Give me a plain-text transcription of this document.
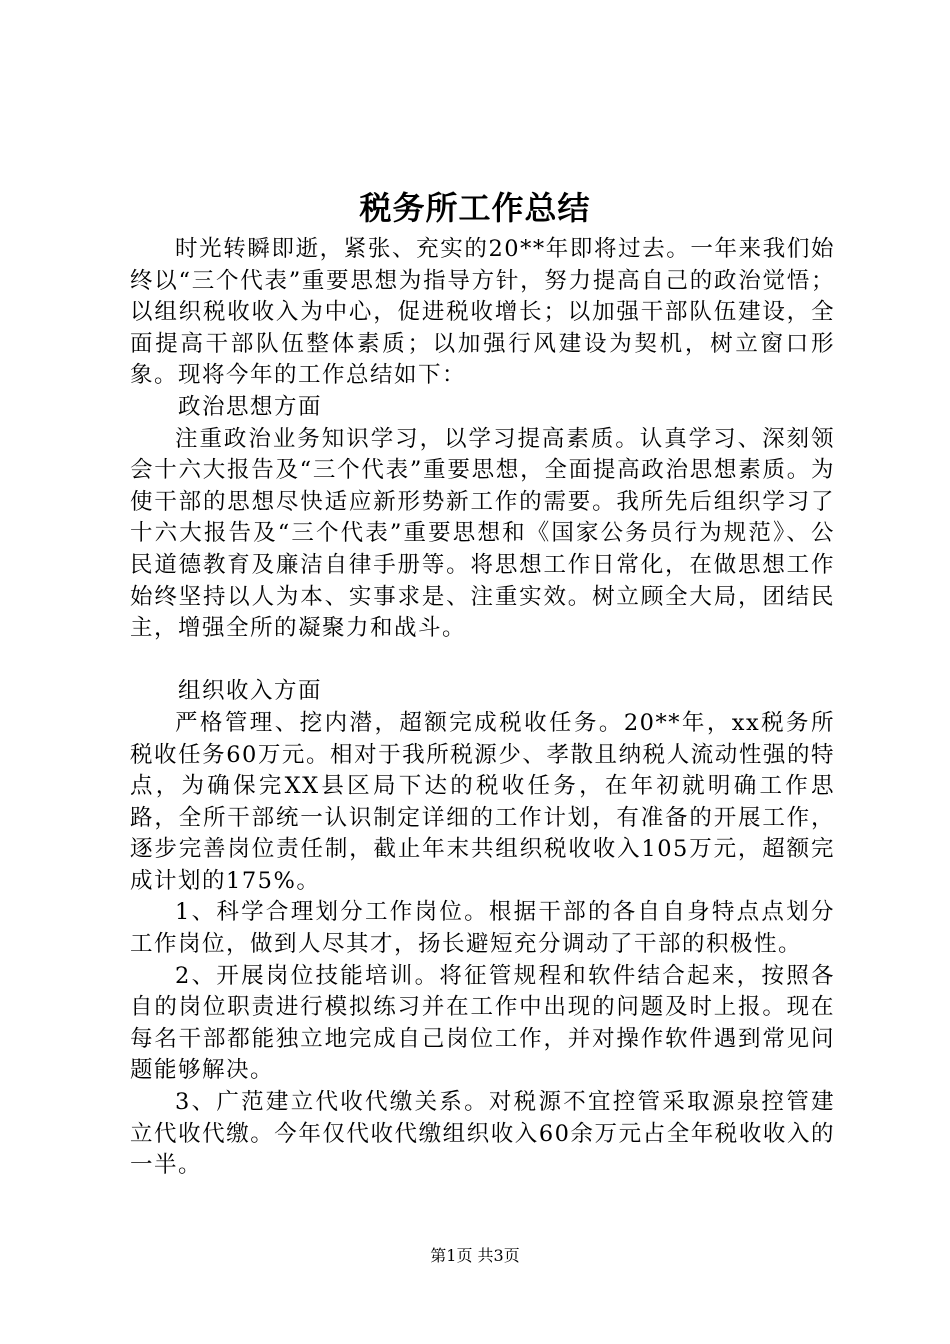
税务所工作总结

时光转瞬即逝，紧张、充实的20**年即将过去。一年来我们始终以“三个代表”重要思想为指导方针，努力提高自己的政治觉悟；以组织税收收入为中心，促进税收增长；以加强干部队伍建设，全面提高干部队伍整体素质；以加强行风建设为契机，树立窗口形象。现将今年的工作总结如下：

政治思想方面

注重政治业务知识学习，以学习提高素质。认真学习、深刻领会十六大报告及“三个代表”重要思想，全面提高政治思想素质。为使干部的思想尽快适应新形势新工作的需要。我所先后组织学习了十六大报告及“三个代表”重要思想和《国家公务员行为规范》、公民道德教育及廉洁自律手册等。将思想工作日常化，在做思想工作始终坚持以人为本、实事求是、注重实效。树立顾全大局，团结民主，增强全所的凝聚力和战斗。

组织收入方面

严格管理、挖内潜，超额完成税收任务。20**年，xx税务所税收任务60万元。相对于我所税源少、孝散且纳税人流动性强的特点，为确保完XX县区局下达的税收任务，在年初就明确工作思路，全所干部统一认识制定详细的工作计划，有准备的开展工作，逐步完善岗位责任制，截止年末共组织税收收入105万元，超额完成计划的175%。

1、科学合理划分工作岗位。根据干部的各自自身特点点划分工作岗位，做到人尽其才，扬长避短充分调动了干部的积极性。

2、开展岗位技能培训。将征管规程和软件结合起来，按照各自的岗位职责进行模拟练习并在工作中出现的问题及时上报。现在每名干部都能独立地完成自己岗位工作，并对操作软件遇到常见问题能够解决。

3、广范建立代收代缴关系。对税源不宜控管采取源泉控管建立代收代缴。今年仅代收代缴组织收入60余万元占全年税收收入的一半。

第1页 共3页
